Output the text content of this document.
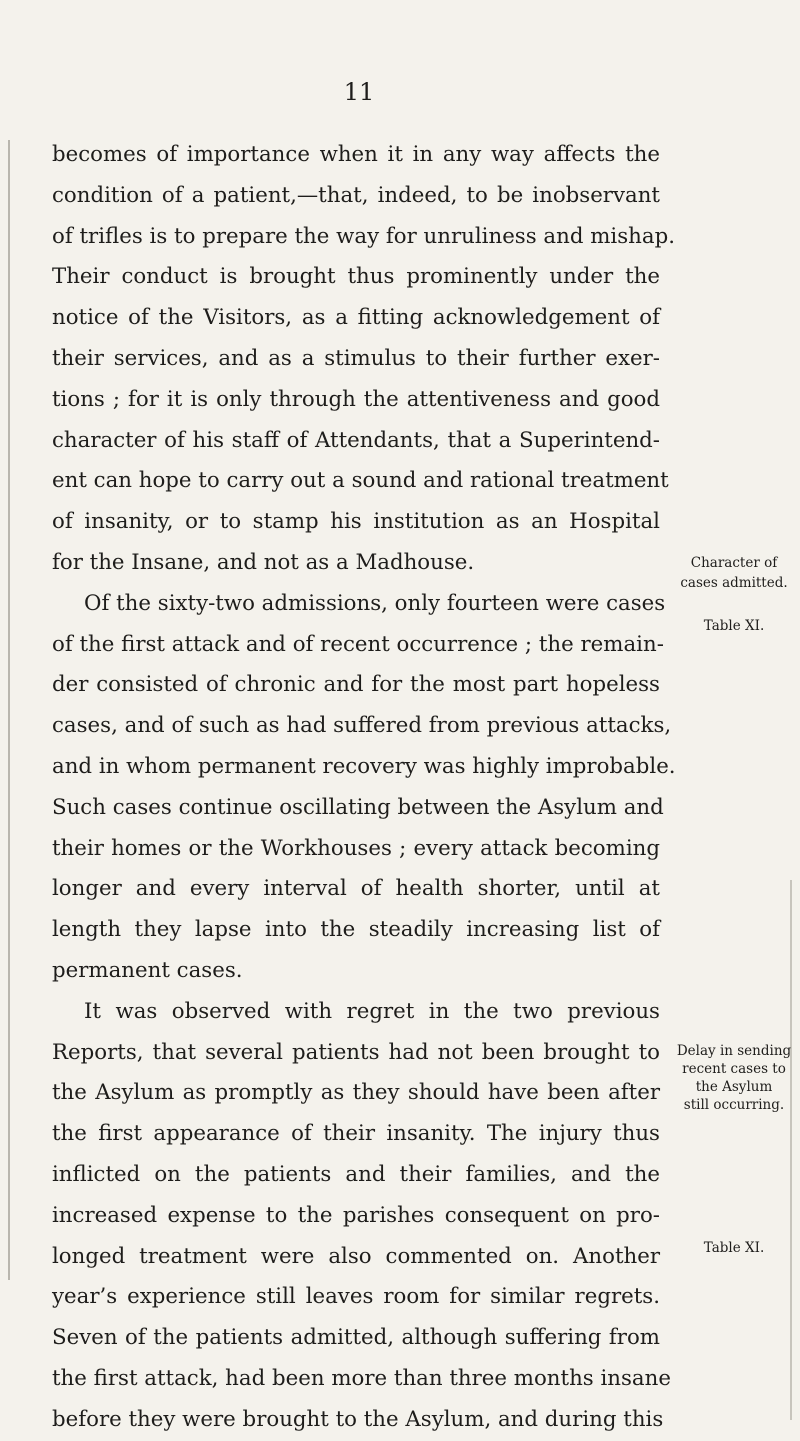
11
becomes of importance when it in any way affects the
condition of a patient,—that, indeed, to be inobservant
of trifles is to prepare the way for unruliness and mishap.
Their conduct is brought thus prominently under the
notice of the Visitors, as a fitting acknowledgement of
their services, and as a stimulus to their further exer-
tions ; for it is only through the attentiveness and good
character of his staff of Attendants, that a Superintend-
ent can hope to carry out a sound and rational treatment
of insanity, or to stamp his institution as an Hospital
for the Insane, and not as a Madhouse.
Of the sixty-two admissions, only fourteen were cases
of the first attack and of recent occurrence ; the remain-
der consisted of chronic and for the most part hopeless
cases, and of such as had suffered from previous attacks,
and in whom permanent recovery was highly improbable.
Such cases continue oscillating between the Asylum and
their homes or the Workhouses ; every attack becoming
longer and every interval of health shorter, until at
length they lapse into the steadily increasing list of
permanent cases.
It was observed with regret in the two previous
Reports, that several patients had not been brought to
the Asylum as promptly as they should have been after
the first appearance of their insanity. The injury thus
inflicted on the patients and their families, and the
increased expense to the parishes consequent on pro-
longed treatment were also commented on. Another
year’s experience still leaves room for similar regrets.
Seven of the patients admitted, although suffering from
the first attack, had been more than three months insane
before they were brought to the Asylum, and during this
Character of
cases admitted.
Table XI.
Delay in sending
recent cases to
the Asylum
still occurring.
Table XI.
